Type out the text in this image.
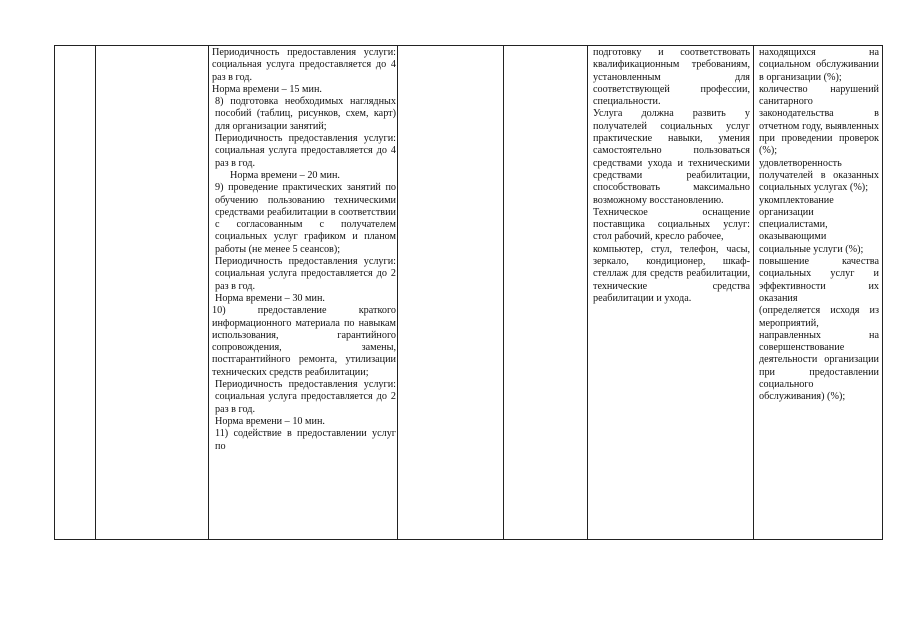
Периодичность предоставления услуги: социальная услуга предоставляется до 4 раз в год.
Норма времени – 15 мин.
8) подготовка необходимых наглядных пособий (таблиц, рисунков, схем, карт) для организации занятий;
Периодичность предоставления услуги: социальная услуга предоставляется до 4 раз в год.
Норма времени – 20 мин.
9) проведение практических занятий по обучению пользованию техническими средствами реабилитации в соответствии с согласованным с получателем социальных услуг графиком и планом работы (не менее 5 сеансов);
Периодичность предоставления услуги: социальная услуга предоставляется до 2 раз в год.
Норма времени – 30 мин.
10) предоставление краткого информационного материала по навыкам использования, гарантийного сопровождения, замены, постгарантийного ремонта, утилизации технических средств реабилитации;
Периодичность предоставления услуги: социальная услуга предоставляется до 2 раз в год.
Норма времени – 10 мин.
11) содействие в предоставлении услуг по

подготовку и соответствовать квалификационным требованиям, установленным для соответствующей профессии, специальности.
Услуга должна развить у получателей социальных услуг практические навыки, умения самостоятельно пользоваться средствами ухода и техническими средствами реабилитации, способствовать максимально возможному восстановлению.
Техническое оснащение поставщика социальных услуг: стол рабочий, кресло рабочее,
компьютер, стул, телефон, часы, зеркало, кондиционер, шкаф-стеллаж для средств реабилитации, технические средства реабилитации и ухода.

находящихся на социальном обслуживании в организации (%);
количество нарушений санитарного законодательства в отчетном году, выявленных при проведении проверок (%);
удовлетворенность получателей в оказанных социальных услугах (%);
укомплектование организации специалистами, оказывающими социальные услуги (%);
повышение качества социальных услуг и эффективности их оказания
(определяется исходя из мероприятий, направленных на совершенствование деятельности организации при предоставлении социального обслуживания) (%);
